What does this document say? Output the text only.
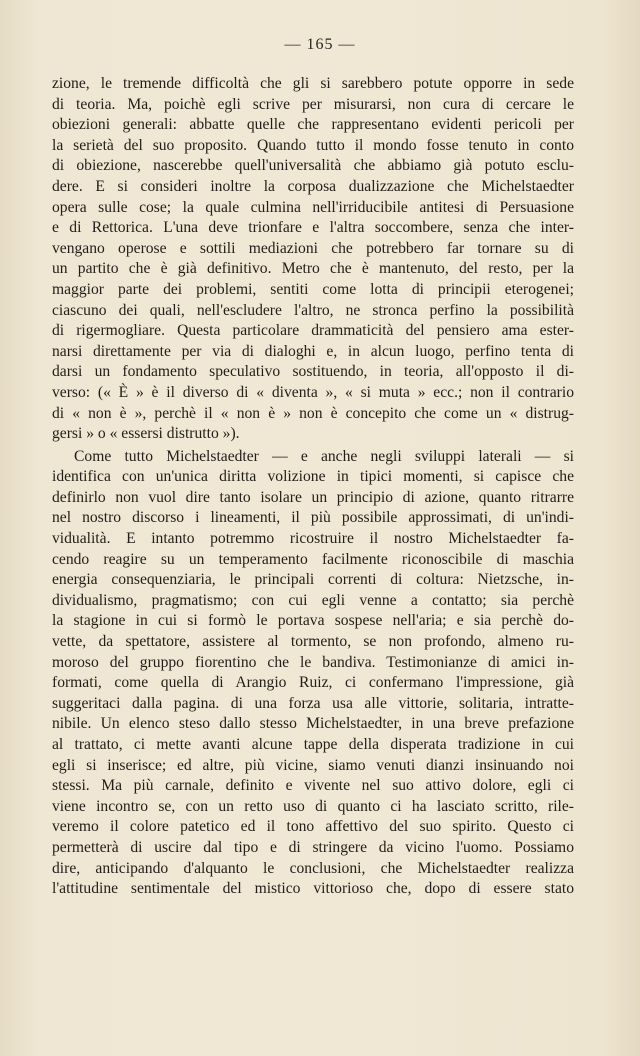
— 165 —
zione, le tremende difficoltà che gli si sarebbero potute opporre in sede
di teoria. Ma, poichè egli scrive per misurarsi, non cura di cercare le
obiezioni generali: abbatte quelle che rappresentano evidenti pericoli per
la serietà del suo proposito. Quando tutto il mondo fosse tenuto in conto
di obiezione, nascerebbe quell'universalità che abbiamo già potuto esclu-
dere. E si consideri inoltre la corposa dualizzazione che Michelstaedter
opera sulle cose; la quale culmina nell'irriducibile antitesi di Persuasione
e di Rettorica. L'una deve trionfare e l'altra soccombere, senza che inter-
vengano operose e sottili mediazioni che potrebbero far tornare su di
un partito che è già definitivo. Metro che è mantenuto, del resto, per la
maggior parte dei problemi, sentiti come lotta di principii eterogenei;
ciascuno dei quali, nell'escludere l'altro, ne stronca perfino la possibilità
di rigermogliare. Questa particolare drammaticità del pensiero ama ester-
narsi direttamente per via di dialoghi e, in alcun luogo, perfino tenta di
darsi un fondamento speculativo sostituendo, in teoria, all'opposto il di-
verso: (« È » è il diverso di « diventa », « si muta » ecc.; non il contrario
di « non è », perchè il « non è » non è concepito che come un « distrug-
gersi » o « essersi distrutto »).
Come tutto Michelstaedter — e anche negli sviluppi laterali — si
identifica con un'unica diritta volizione in tipici momenti, si capisce che
definirlo non vuol dire tanto isolare un principio di azione, quanto ritrarre
nel nostro discorso i lineamenti, il più possibile approssimati, di un'indi-
vidualità. E intanto potremmo ricostruire il nostro Michelstaedter fa-
cendo reagire su un temperamento facilmente riconoscibile di maschia
energia consequenziaria, le principali correnti di coltura: Nietzsche, in-
dividualismo, pragmatismo; con cui egli venne a contatto; sia perchè
la stagione in cui si formò le portava sospese nell'aria; e sia perchè do-
vette, da spettatore, assistere al tormento, se non profondo, almeno ru-
moroso del gruppo fiorentino che le bandiva. Testimonianze di amici in-
formati, come quella di Arangio Ruiz, ci confermano l'impressione, già
suggeritaci dalla pagina. di una forza usa alle vittorie, solitaria, intratte-
nibile. Un elenco steso dallo stesso Michelstaedter, in una breve prefazione
al trattato, ci mette avanti alcune tappe della disperata tradizione in cui
egli si inserisce; ed altre, più vicine, siamo venuti dianzi insinuando noi
stessi. Ma più carnale, definito e vivente nel suo attivo dolore, egli ci
viene incontro se, con un retto uso di quanto ci ha lasciato scritto, rile-
veremo il colore patetico ed il tono affettivo del suo spirito. Questo ci
permetterà di uscire dal tipo e di stringere da vicino l'uomo. Possiamo
dire, anticipando d'alquanto le conclusioni, che Michelstaedter realizza
l'attitudine sentimentale del mistico vittorioso che, dopo di essere stato
